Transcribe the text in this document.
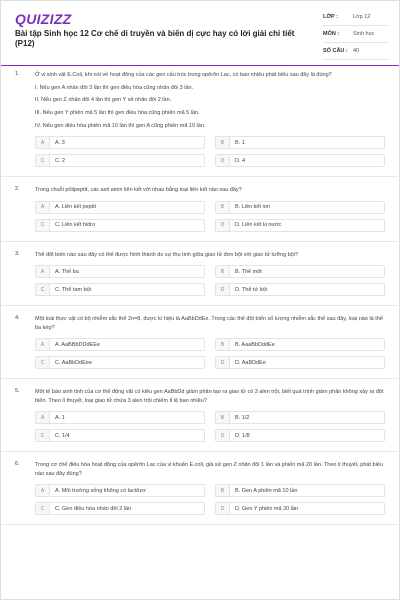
QUIZIZZ
Bài tập Sinh học 12 Cơ chế di truyền và biến dị cực hay có lời giải chi tiết (P12)
LỚP :	Lớp 12
MÔN :	Sinh học
SỐ CÂU : 40
1.	Ở vi sinh vật E.Coli, khi nói về hoạt động của các gen cấu trúc trong opêrôn Lac, có bao nhiêu phát biểu sau đây là đúng?
I. Nếu gen A nhân đôi 3 lần thì gen điều hòa cũng nhân đôi 3 lần.
II. Nếu gen Z nhân đôi 4 lần thì gen Y sẽ nhân đôi 2 lần.
III. Nếu gen Y phiên mã 5 lần thì gen điều hòa cũng phiên mã 5 lần.
IV. Nếu gen điều hòa phiên mã 10 lần thì gen A cũng phiên mã 10 lần.
A	A. 3	B	B. 1
C	C. 2	D	D. 4
2.	Trong chuỗi pôlipeptit, các axit amin liên kết với nhau bằng loại liên kết nào sau đây?
A	A. Liên kết peptit	B	B. Liên kết ion
C	C. Liên kết hidro	D	D. Liên kết kị nước
3.	Thể đột biến nào sau đây có thể được hình thành do sự thụ tinh giữa giao tử đơn bội với giao tử lưỡng bội?
A	A. Thể ba	B	B. Thể một
C	C. Thể tam bội	D	D. Thể tứ bội
4.	Một loài thực vật có bộ nhiễm sắc thể 2n=8, được kí hiệu là AaBbDdEe. Trong các thể đột biến số lượng nhiễm sắc thể sau đây, loại nào là thể ba kép?
A	A. AaBBbDDdEEe	B	B. AaaBbDddEe
C	C. AaBbDdEee	D	D. AaBDdEe
5.	Một tế bào sinh tinh của cơ thể động vật có kiểu gen AaBbDd giảm phân tạo ra giao tử có 3 alen trội, biết quá trình giảm phân không xảy ra đột biến. Theo lí thuyết, loại giao tử chứa 3 alen trội chiếm tỉ lệ bao nhiêu?
A	A. 1	B	B. 1/2
C	C. 1/4	D	D. 1/8
6.	Trong cơ chế điều hòa hoạt động của opêrôn Lac của vi khuẩn E.coli, giả sử gen Z nhân đôi 1 lần và phiên mã 20 lần. Theo lí thuyết, phát biểu nào sau đây đúng?
A	A. Môi trường sống không có lactôzơ	B	B. Gen A phiên mã 10 lần
C	C. Gen điều hòa nhân đôi 2 lần	D	D. Gen Y phiên mã 20 lần
